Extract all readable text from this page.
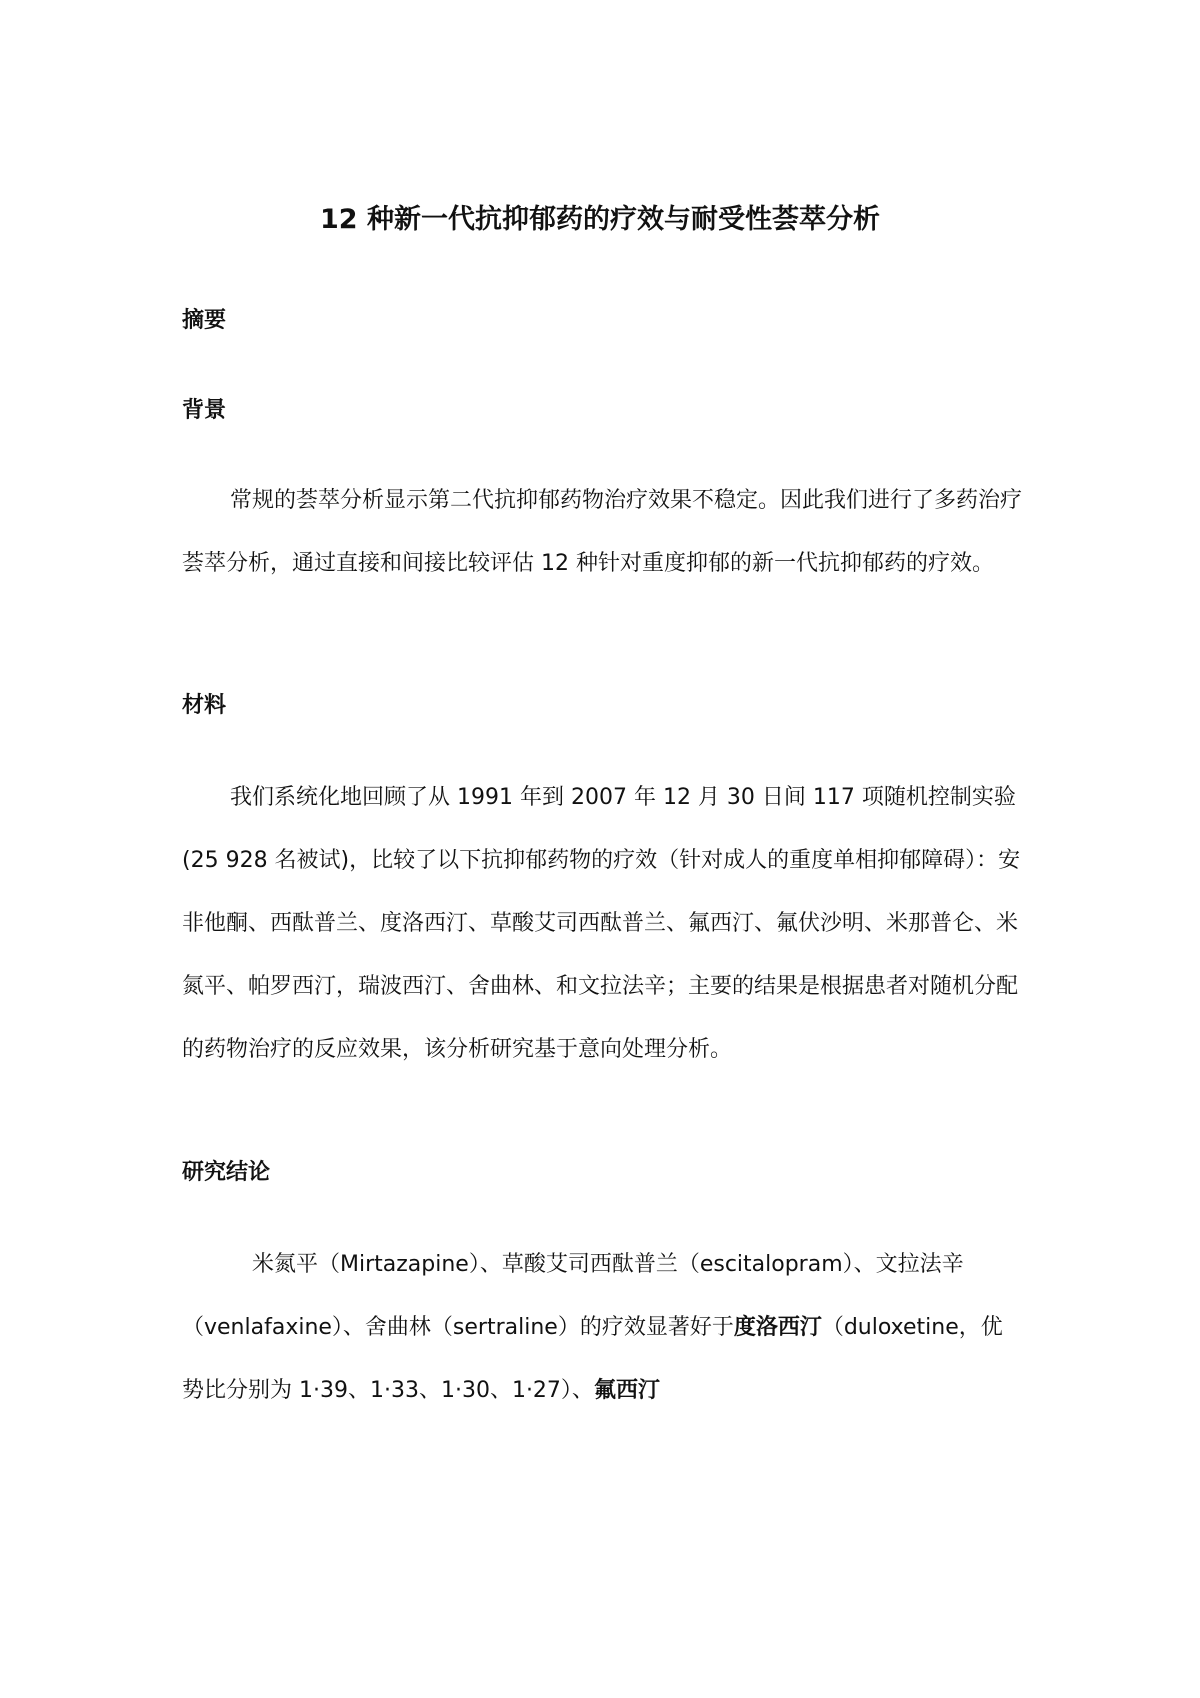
12 种新一代抗抑郁药的疗效与耐受性荟萃分析
摘要
背景

常规的荟萃分析显示第二代抗抑郁药物治疗效果不稳定。因此我们进行了多药治疗荟萃分析，通过直接和间接比较评估 12 种针对重度抑郁的新一代抗抑郁药的疗效。

材料

我们系统化地回顾了从 1991 年到 2007 年 12 月 30 日间 117 项随机控制实验(25 928 名被试)，比较了以下抗抑郁药物的疗效（针对成人的重度单相抑郁障碍）：安非他酮、西酞普兰、度洛西汀、草酸艾司西酞普兰、氟西汀、氟伏沙明、米那普仑、米氮平、帕罗西汀，瑞波西汀、舍曲林、和文拉法辛；主要的结果是根据患者对随机分配的药物治疗的反应效果，该分析研究基于意向处理分析。

研究结论

米氮平（Mirtazapine）、草酸艾司西酞普兰（escitalopram）、文拉法辛（venlafaxine）、舍曲林（sertraline）的疗效显著好于度洛西汀（duloxetine，优势比分别为 1·39、1·33、1·30、1·27）、氟西汀
